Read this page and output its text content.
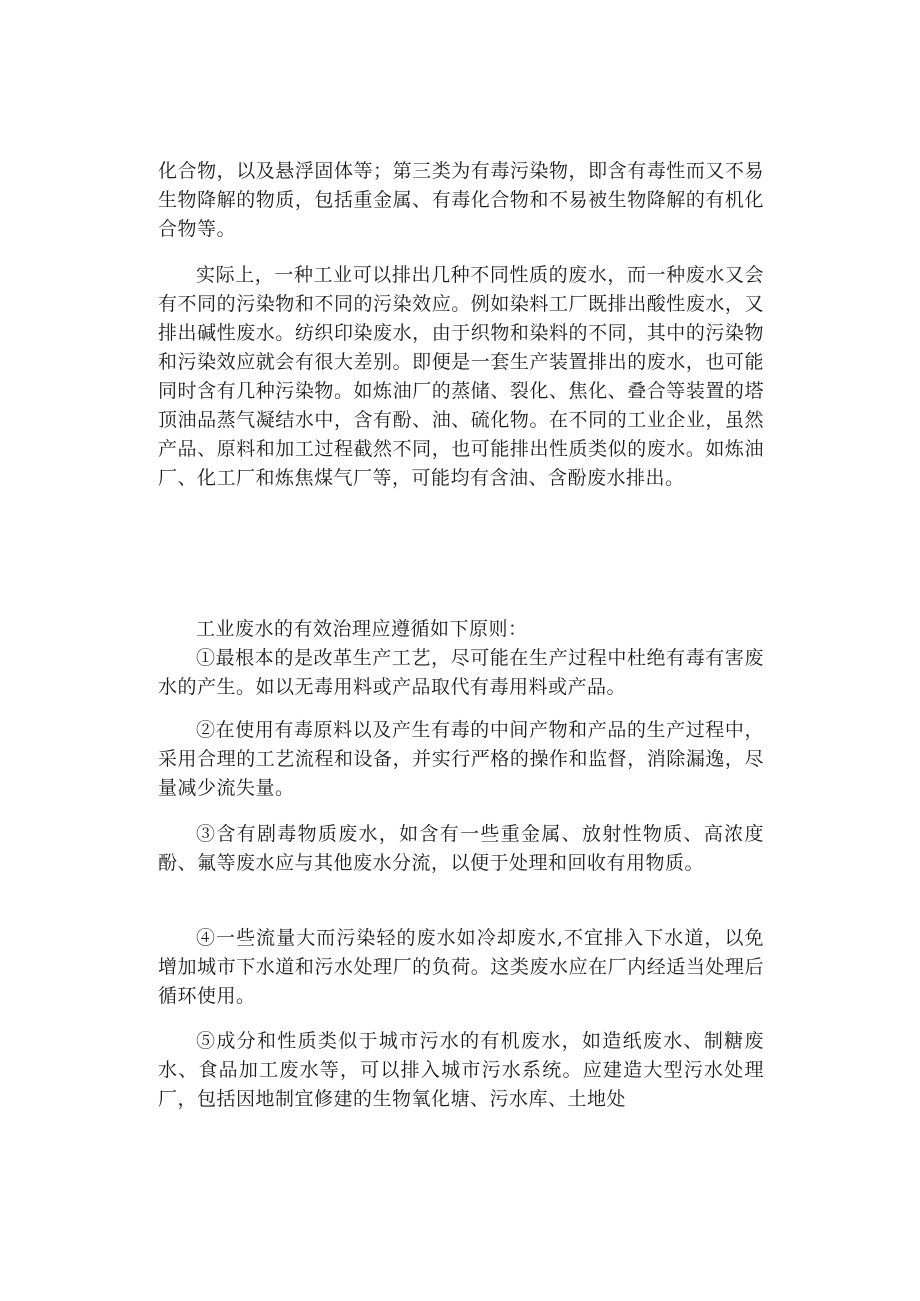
化合物，以及悬浮固体等；第三类为有毒污染物，即含有毒性而又不易生物降解的物质，包括重金属、有毒化合物和不易被生物降解的有机化合物等。

实际上，一种工业可以排出几种不同性质的废水，而一种废水又会有不同的污染物和不同的污染效应。例如染料工厂既排出酸性废水，又排出碱性废水。纺织印染废水，由于织物和染料的不同，其中的污染物和污染效应就会有很大差别。即便是一套生产装置排出的废水，也可能同时含有几种污染物。如炼油厂的蒸储、裂化、焦化、叠合等装置的塔顶油品蒸气凝结水中，含有酚、油、硫化物。在不同的工业企业，虽然产品、原料和加工过程截然不同，也可能排出性质类似的废水。如炼油厂、化工厂和炼焦煤气厂等，可能均有含油、含酚废水排出。

工业废水的有效治理应遵循如下原则：

①最根本的是改革生产工艺，尽可能在生产过程中杜绝有毒有害废水的产生。如以无毒用料或产品取代有毒用料或产品。

②在使用有毒原料以及产生有毒的中间产物和产品的生产过程中，采用合理的工艺流程和设备，并实行严格的操作和监督，消除漏逸，尽量减少流失量。

③含有剧毒物质废水，如含有一些重金属、放射性物质、高浓度酚、氟等废水应与其他废水分流，以便于处理和回收有用物质。

④一些流量大而污染轻的废水如冷却废水,不宜排入下水道，以免增加城市下水道和污水处理厂的负荷。这类废水应在厂内经适当处理后循环使用。

⑤成分和性质类似于城市污水的有机废水，如造纸废水、制糖废水、食品加工废水等，可以排入城市污水系统。应建造大型污水处理厂，包括因地制宜修建的生物氧化塘、污水库、土地处
